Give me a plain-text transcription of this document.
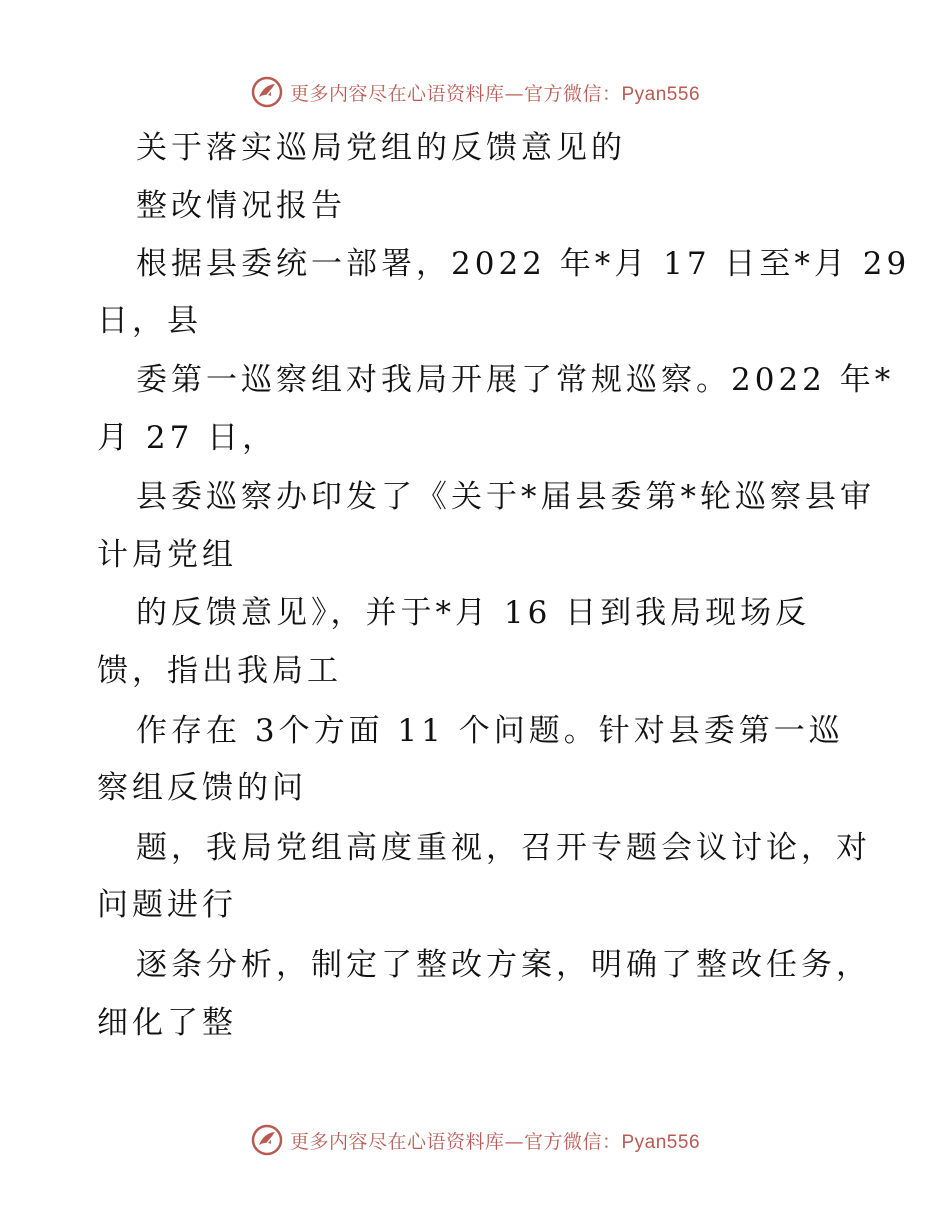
更多内容尽在心语资料库—官方微信：Pyan556
关于落实巡局党组的反馈意见的
整改情况报告
根据县委统一部署，2022 年*月 17 日至*月 29
日，县
委第一巡察组对我局开展了常规巡察。2022 年*
月 27 日，
县委巡察办印发了《关于*届县委第*轮巡察县审
计局党组
的反馈意见》，并于*月 16 日到我局现场反
馈，指出我局工
作存在 3个方面 11 个问题。针对县委第一巡
察组反馈的问
题，我局党组高度重视，召开专题会议讨论，对
问题进行
逐条分析，制定了整改方案，明确了整改任务，
细化了整
更多内容尽在心语资料库—官方微信：Pyan556
